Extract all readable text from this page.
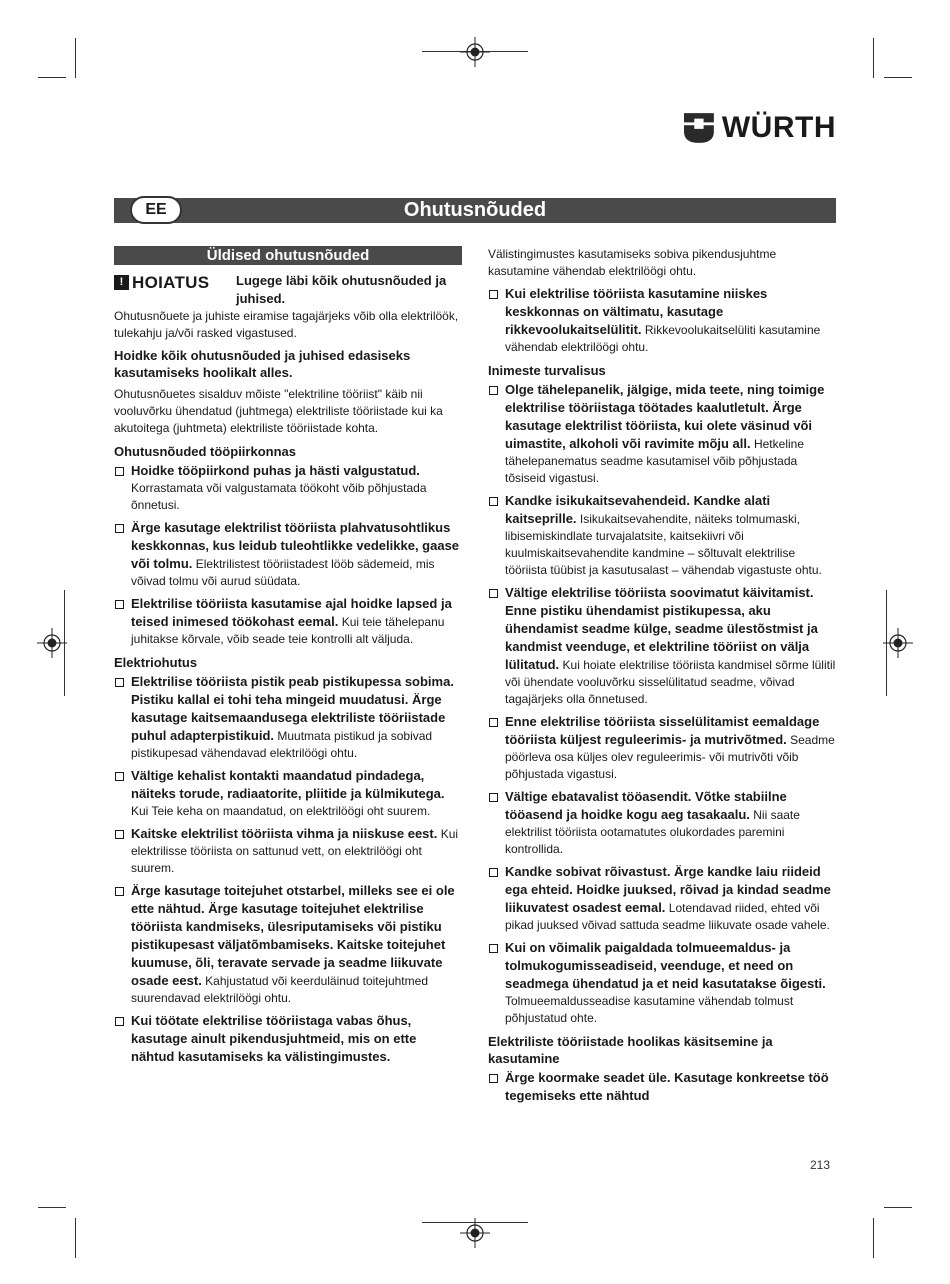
WÜRTH
Ohutusnõuded
EE
Üldised ohutusnõuded
! HOIATUS Lugege läbi kõik ohutusnõuded ja juhised.

Ohutusnõuete ja juhiste eiramise tagajärjeks võib olla elektrilöök, tulekahju ja/või rasked vigastused.

Hoidke kõik ohutusnõuded ja juhised edasiseks kasutamiseks hoolikalt alles.

Ohutusnõuetes sisalduv mõiste "elektriline tööriist" käib nii vooluvõrku ühendatud (juhtmega) elektriliste tööriistade kui ka akutoitega (juhtmeta) elektriliste tööriistade kohta.

Ohutusnõuded tööpiirkonnas
Hoidke tööpiirkond puhas ja hästi valgustatud. Korrastamata või valgustamata töökoht võib põhjustada õnnetusi.
Ärge kasutage elektrilist tööriista plahvatusohtlikus keskkonnas, kus leidub tuleohtlikke vedelikke, gaase või tolmu. Elektrilistest tööriistadest lööb sädemeid, mis võivad tolmu või aurud süüdata.
Elektrilise tööriista kasutamise ajal hoidke lapsed ja teised inimesed töökohast eemal. Kui teie tähelepanu juhitakse kõrvale, võib seade teie kontrolli alt väljuda.
Elektriohutus
Elektrilise tööriista pistik peab pistikupessa sobima. Pistiku kallal ei tohi teha mingeid muudatusi. Ärge kasutage kaitsemaandusega elektriliste tööriistade puhul adapterpistikuid. Muutmata pistikud ja sobivad pistikupesad vähendavad elektrilöögi ohtu.
Vältige kehalist kontakti maandatud pindadega, näiteks torude, radiaatorite, pliitide ja külmikutega. Kui Teie keha on maandatud, on elektrilöögi oht suurem.
Kaitske elektrilist tööriista vihma ja niiskuse eest. Kui elektrilisse tööriista on sattunud vett, on elektrilöögi oht suurem.
Ärge kasutage toitejuhet otstarbel, milleks see ei ole ette nähtud. Ärge kasutage toitejuhet elektrilise tööriista kandmiseks, ülesriputamiseks või pistiku pistikupesast väljatõmbamiseks. Kaitske toitejuhet kuumuse, õli, teravate servade ja seadme liikuvate osade eest. Kahjustatud või keerduläinud toitejuhtmed suurendavad elektrilöögi ohtu.
Kui töötate elektrilise tööriistaga vabas õhus, kasutage ainult pikendusjuhtmeid, mis on ette nähtud kasutamiseks ka välistingimustes.

Välistingimustes kasutamiseks sobiva pikendusjuhtme kasutamine vähendab elektrilöögi ohtu.

Kui elektrilise tööriista kasutamine niiskes keskkonnas on vältimatu, kasutage rikkevoolukaitselülitit. Rikkevoolukaitselüliti kasutamine vähendab elektrilöögi ohtu.
Inimeste turvalisus
Olge tähelepanelik, jälgige, mida teete, ning toimige elektrilise tööriistaga töötades kaalutletult. Ärge kasutage elektrilist tööriista, kui olete väsinud või uimastite, alkoholi või ravimite mõju all. Hetkeline tähelepanematus seadme kasutamisel võib põhjustada tõsiseid vigastusi.
Kandke isikukaitsevahendeid. Kandke alati kaitseprille. Isikukaitsevahendite, näiteks tolmumaski, libisemiskindlate turvajalatsite, kaitsekiivri või kuulmiskaitsevahendite kandmine – sõltuvalt elektrilise tööriista tüübist ja kasutusalast – vähendab vigastuste ohtu.
Vältige elektrilise tööriista soovimatut käivitamist. Enne pistiku ühendamist pistikupessa, aku ühendamist seadme külge, seadme ülestõstmist ja kandmist veenduge, et elektriline tööriist on välja lülitatud. Kui hoiate elektrilise tööriista kandmisel sõrme lülitil või ühendate vooluvõrku sisselülitatud seadme, võivad tagajärjeks olla õnnetused.
Enne elektrilise tööriista sisselülitamist eemaldage tööriista küljest reguleerimis- ja mutrivõtmed. Seadme pöörleva osa küljes olev reguleerimis- või mutrivõti võib põhjustada vigastusi.
Vältige ebatavalist tööasendit. Võtke stabiilne tööasend ja hoidke kogu aeg tasakaalu. Nii saate elektrilist tööriista ootamatutes olukordades paremini kontrollida.
Kandke sobivat rõivastust. Ärge kandke laiu riideid ega ehteid. Hoidke juuksed, rõivad ja kindad seadme liikuvatest osadest eemal. Lotendavad riided, ehted või pikad juuksed võivad sattuda seadme liikuvate osade vahele.
Kui on võimalik paigaldada tolmueemaldus- ja tolmukogumisseadiseid, veenduge, et need on seadmega ühendatud ja et neid kasutatakse õigesti. Tolmueemaldusseadise kasutamine vähendab tolmust põhjustatud ohte.
Elektriliste tööriistade hoolikas käsitsemine ja kasutamine
Ärge koormake seadet üle. Kasutage konkreetse töö tegemiseks ette nähtud
213
